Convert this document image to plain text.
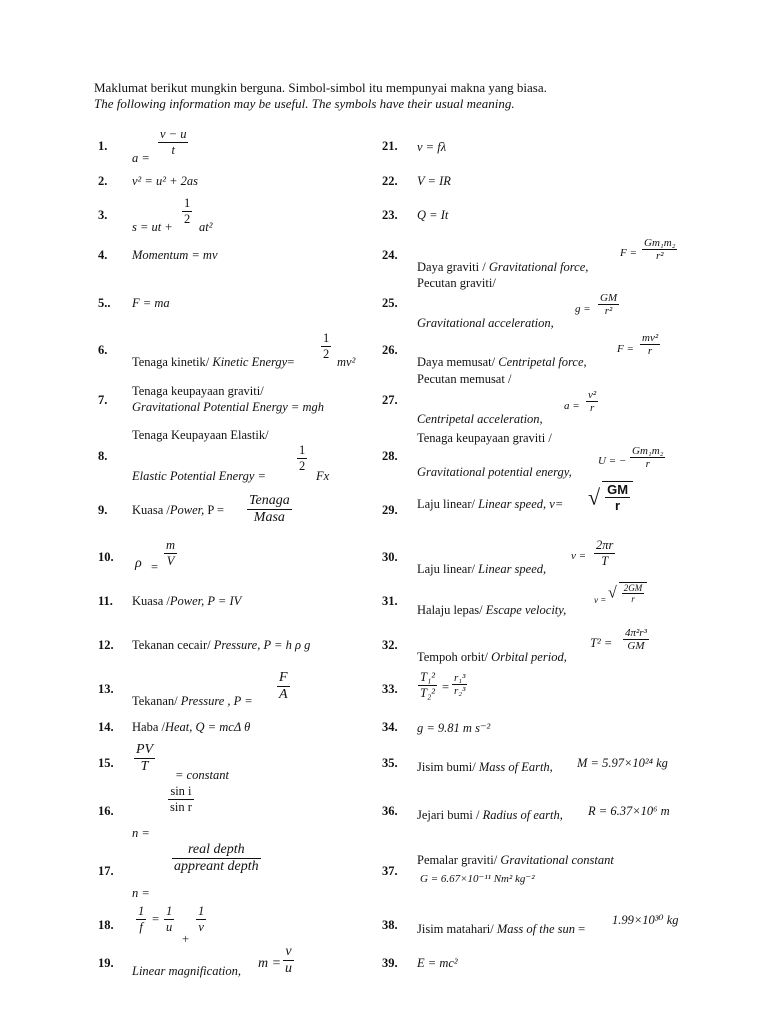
Maklumat berikut mungkin berguna. Simbol-simbol itu mempunyai makna yang biasa.
The following information may be useful. The symbols have their usual meaning.
1.
$a = \frac{v - u}{t}$
2. v² = u² + 2as
3.
s = ut + $\frac{1}{2} at^2$
4. Momentum = mv
5.. F = ma
6.
Tenaga kinetik/ Kinetic Energy= $\frac{1}{2} mv^2$
7.
Tenaga keupayaan graviti/
Gravitational Potential Energy = mgh
8.
Tenaga Keupayaan Elastik/
Elastic Potential Energy =
$\frac{1}{2}$
Fx
9. Kuasa /Power, $P = \frac{\text{Tenaga}}{\text{Masa}}$
10. $\rho = \frac{m}{V}$
11. Kuasa /Power, P = IV
12. Tekanan cecair/ Pressure, P = h ρ g
13.
Tekanan/ Pressure , $P = \frac{F}{A}$
14. Haba /Heat, Q = mcΔ θ
15. $\frac{PV}{T}$ = constant
16.
n =
$\frac{\text{sin i}}{\text{sin r}}$
17.
n =
$\frac{\text{real depth}}{\text{appreant depth}}$
18. $\frac{1}{f} = \frac{1}{u}$
+
$\frac{1}{v}$
19.
Linear magnification, $m = \frac{v}{u}$
21. v = fλ
22. V = IR
23. Q = It
24.
Daya graviti / Gravitational force,
$F = \frac{\text{Gm₁m₂}}{\text{r²}}$
25.
Pecutan graviti/
Gravitational acceleration,
$g = \frac{GM}{\text{r²}}$
26.
Daya memusat/ Centripetal force,
$F = \frac{\text{mv²}}{r}$
27.
Pecutan memusat /
Centripetal acceleration,
$a = \frac{\text{v²}}{r}$
28.
Tenaga keupayaan graviti /
Gravitational potential energy,
U = − $\frac{\text{Gm₁m₂}}{r}$
29. Laju linear/ Linear speed, v= √ $\frac{GM}{r}$
30.
Laju linear/ Linear speed,
$v = \frac{2\pi r}{T}$
31.
Halaju lepas/ Escape velocity,
v = √ $\frac{2GM}{r}$
32.
Tempoh orbit/ Orbital period,
$T^2 = \frac{\text{4π²r³}}{GM}$
33. $\frac{\text{T₁²}}{\text{T₂²}} = \frac{\text{r₁³}}{\text{r₂³}}$
34. g = 9.81 m s⁻²
35. Jisim bumi/ Mass of Earth, M = 5.97×10²⁴ kg
36. Jejari bumi / Radius of earth, R = 6.37×10⁶ m
37.
Pemalar graviti/ Gravitational constant
G = 6.67×10⁻¹¹ Nm² kg⁻²
38. Jisim matahari/ Mass of the sun =
1.99×10³⁰ kg
39. E = mc²
